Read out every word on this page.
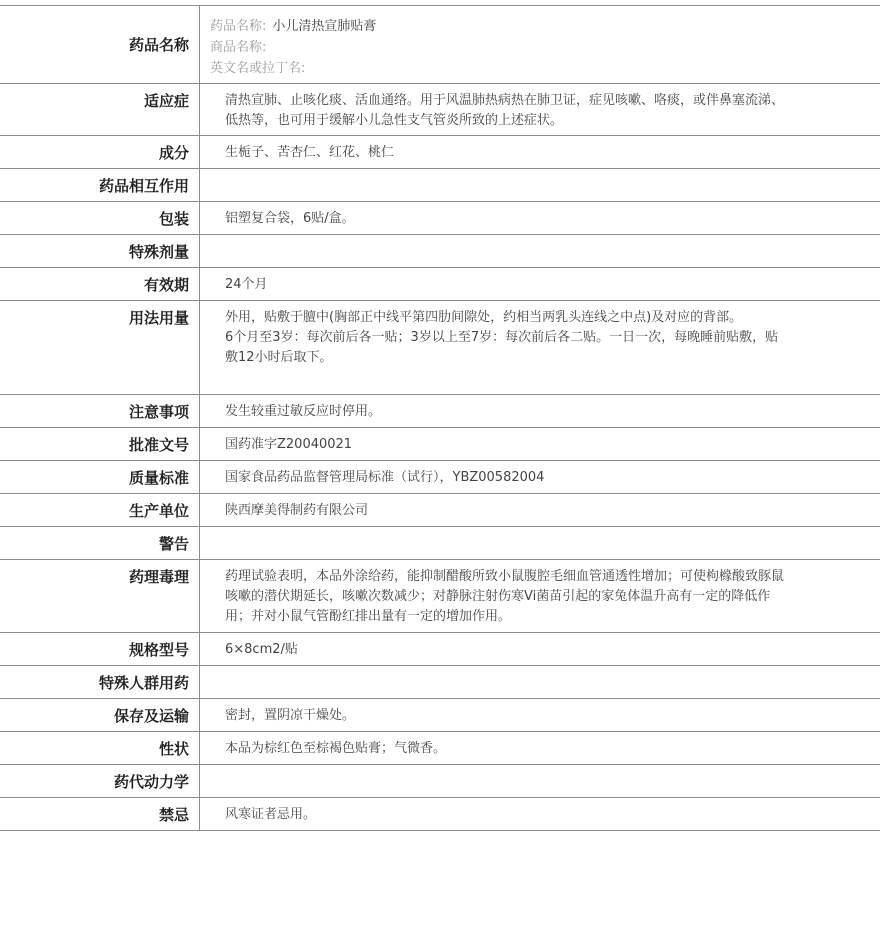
药品名称
药品名称: 小儿清热宣肺贴膏
商品名称:
英文名或拉丁名:
适应症	清热宣肺、止咳化痰、活血通络。用于风温肺热病热在肺卫证，症见咳嗽、咯痰，或伴鼻塞流涕、低热等，也可用于缓解小儿急性支气管炎所致的上述症状。
成分	生栀子、苦杏仁、红花、桃仁
药品相互作用
包装	铝塑复合袋，6贴/盒。
特殊剂量
有效期	24个月
用法用量	外用，贴敷于膻中(胸部正中线平第四肋间隙处，约相当两乳头连线之中点)及对应的背部。
6个月至3岁：每次前后各一贴；3岁以上至7岁：每次前后各二贴。一日一次，每晚睡前贴敷，贴敷12小时后取下。
注意事项	发生较重过敏反应时停用。
批准文号	国药准字Z20040021
质量标准	国家食品药品监督管理局标准（试行），YBZ00582004
生产单位	陕西摩美得制药有限公司
警告
药理毒理	药理试验表明，本品外涂给药，能抑制醋酸所致小鼠腹腔毛细血管通透性增加；可使枸橼酸致豚鼠咳嗽的潜伏期延长，咳嗽次数减少；对静脉注射伤寒Vi菌苗引起的家兔体温升高有一定的降低作用；并对小鼠气管酚红排出量有一定的增加作用。
规格型号	6×8cm2/贴
特殊人群用药
保存及运输	密封，置阴凉干燥处。
性状	本品为棕红色至棕褐色贴膏；气微香。
药代动力学
禁忌	风寒证者忌用。
